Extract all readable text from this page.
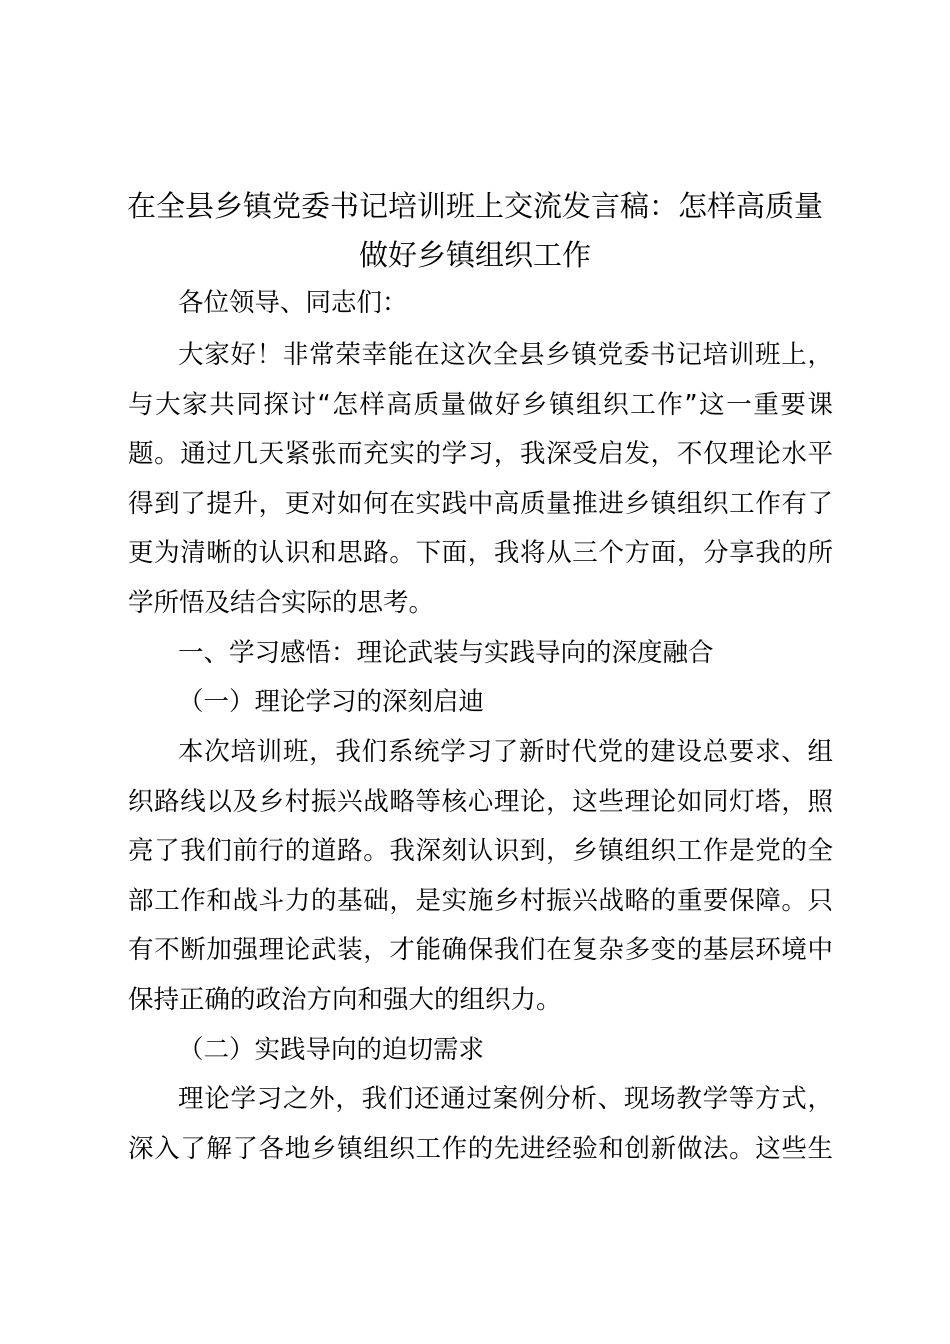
在全县乡镇党委书记培训班上交流发言稿：怎样高质量
做好乡镇组织工作
各位领导、同志们：
大家好！非常荣幸能在这次全县乡镇党委书记培训班上，
与大家共同探讨“怎样高质量做好乡镇组织工作”这一重要课
题。通过几天紧张而充实的学习，我深受启发，不仅理论水平
得到了提升，更对如何在实践中高质量推进乡镇组织工作有了
更为清晰的认识和思路。下面，我将从三个方面，分享我的所
学所悟及结合实际的思考。
一、学习感悟：理论武装与实践导向的深度融合
（一）理论学习的深刻启迪
本次培训班，我们系统学习了新时代党的建设总要求、组
织路线以及乡村振兴战略等核心理论，这些理论如同灯塔，照
亮了我们前行的道路。我深刻认识到，乡镇组织工作是党的全
部工作和战斗力的基础，是实施乡村振兴战略的重要保障。只
有不断加强理论武装，才能确保我们在复杂多变的基层环境中
保持正确的政治方向和强大的组织力。
（二）实践导向的迫切需求
理论学习之外，我们还通过案例分析、现场教学等方式，
深入了解了各地乡镇组织工作的先进经验和创新做法。这些生
